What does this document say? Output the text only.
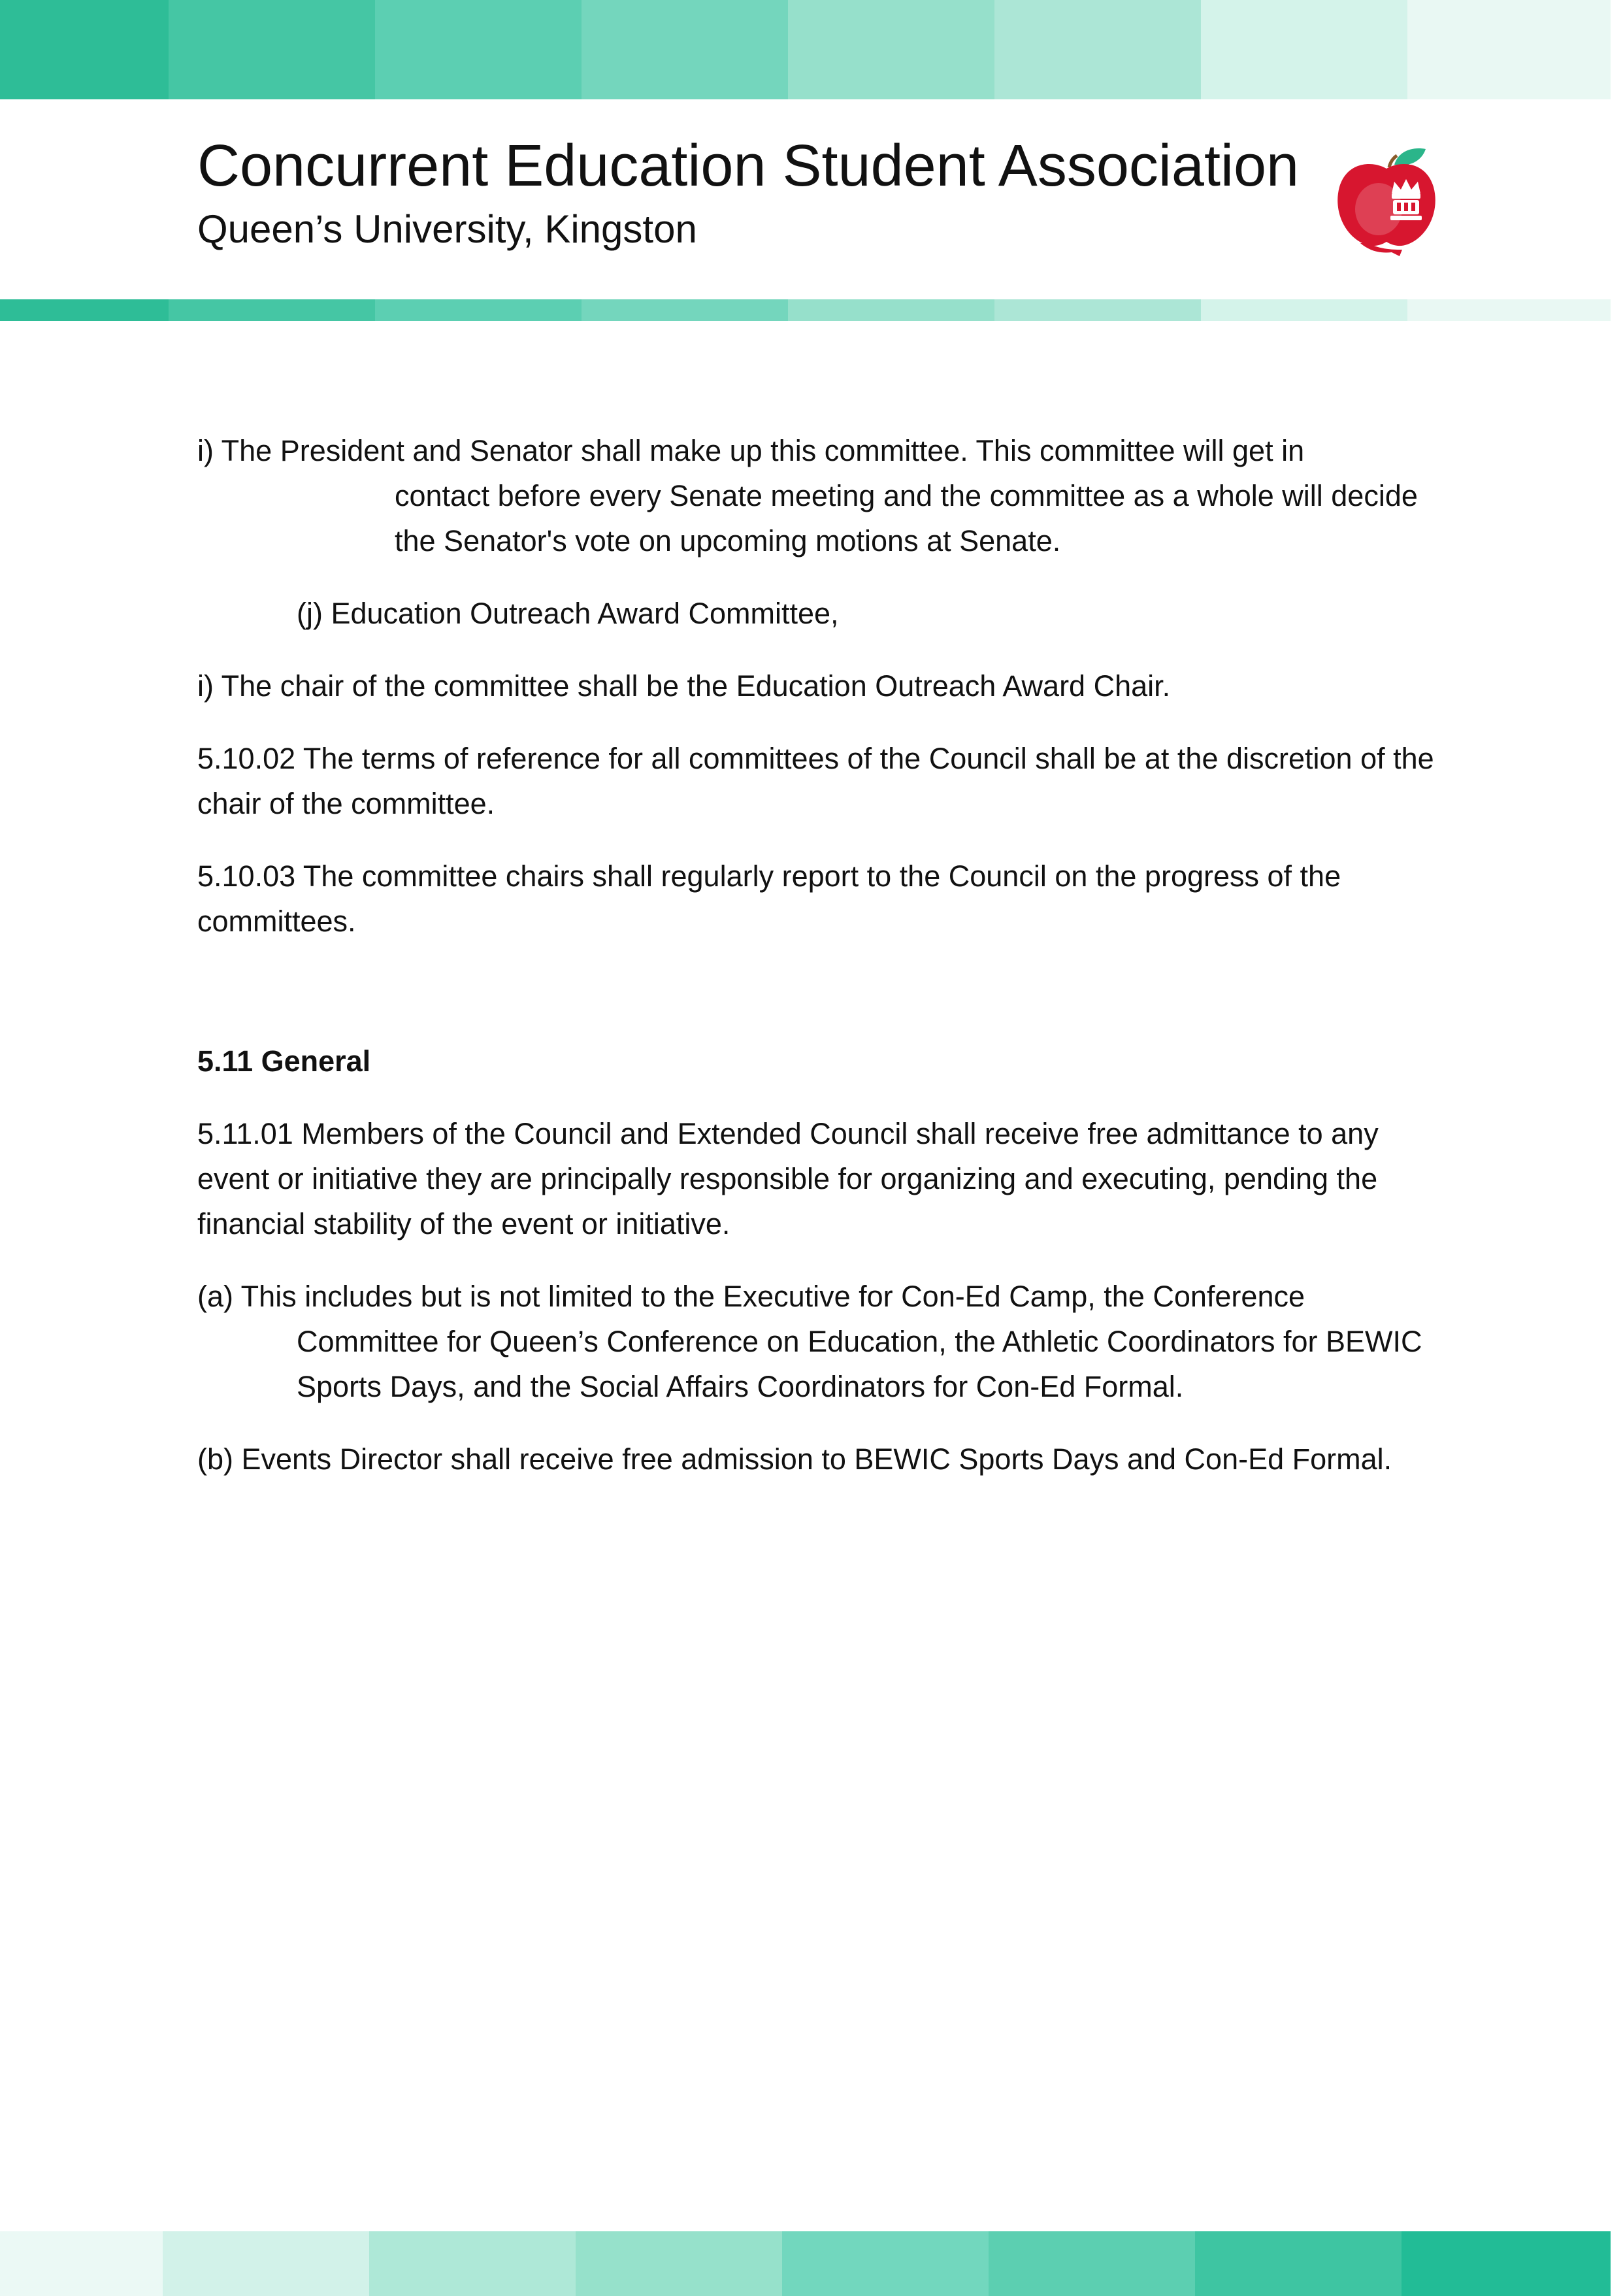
Concurrent Education Student Association
Queen’s University, Kingston
i) The President and Senator shall make up this committee. This committee will get in
contact before every Senate meeting and the committee as a whole will decide the Senator's vote on upcoming motions at Senate.
(j) Education Outreach Award Committee,
i) The chair of the committee shall be the Education Outreach Award Chair.
5.10.02 The terms of reference for all committees of the Council shall be at the discretion of the chair of the committee.
5.10.03 The committee chairs shall regularly report to the Council on the progress of the committees.
5.11 General
5.11.01 Members of the Council and Extended Council shall receive free admittance to any event or initiative they are principally responsible for organizing and executing, pending the financial stability of the event or initiative.
(a) This includes but is not limited to the Executive for Con-Ed Camp, the Conference Committee for Queen’s Conference on Education, the Athletic Coordinators for BEWIC Sports Days, and the Social Affairs Coordinators for Con-Ed Formal.
(b) Events Director shall receive free admission to BEWIC Sports Days and Con-Ed Formal.
